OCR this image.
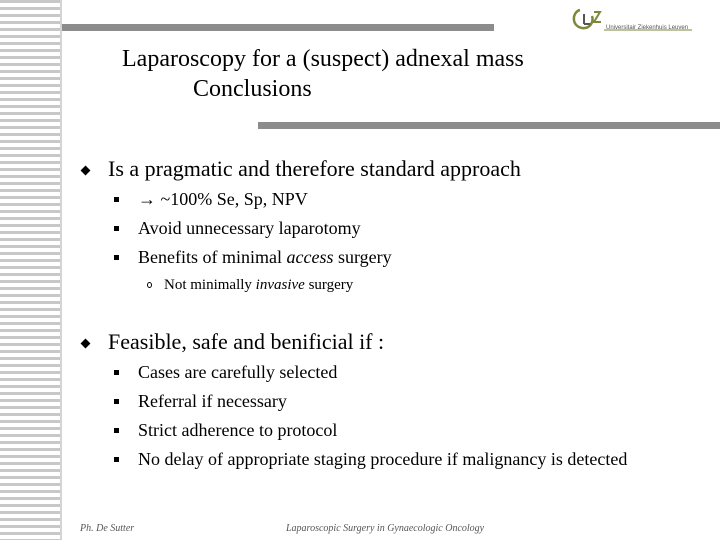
Universitair Ziekenhuis Leuven
Laparoscopy for a (suspect) adnexal mass
Conclusions
Is a pragmatic and therefore standard approach
→ ~100% Se, Sp, NPV
Avoid unnecessary laparotomy
Benefits of minimal access surgery
Not minimally invasive surgery
Feasible, safe and benificial if :
Cases are carefully selected
Referral if necessary
Strict adherence to protocol
No delay of appropriate staging procedure if malignancy is detected
Ph. De Sutter	Laparoscopic Surgery in Gynaecologic Oncology
